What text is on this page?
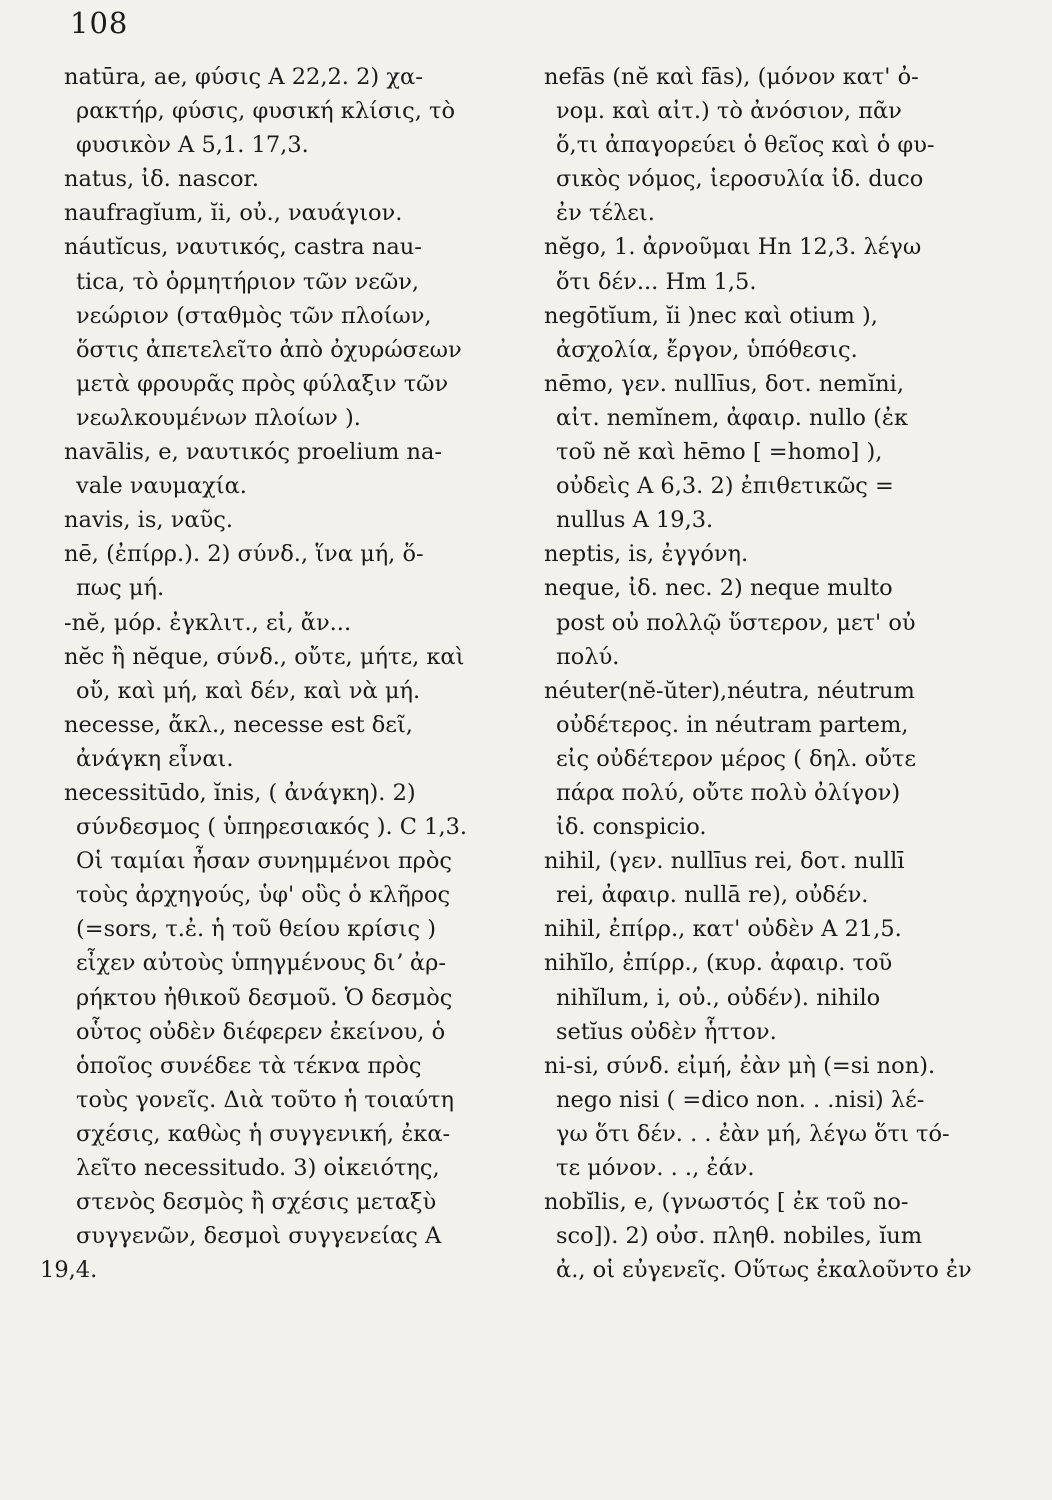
108
natūra, ae, φύσις Α 22,2. 2) χα-
ρακτήρ, φύσις, φυσική κλίσις, τὸ
φυσικὸν Α 5,1. 17,3.
natus, ἰδ. nascor.
naufragĭum, ĭi, οὐ., ναυάγιον.
náutĭcus, ναυτικός, castra nau-
tica, τὸ ὁρμητήριον τῶν νεῶν,
νεώριον (σταθμὸς τῶν πλοίων,
ὅστις ἀπετελεῖτο ἀπὸ ὀχυρώσεων
μετὰ φρουρᾶς πρὸς φύλαξιν τῶν
νεωλκουμένων πλοίων ).
navālis, e, ναυτικός proelium na-
vale ναυμαχία.
navis, is, ναῦς.
nē, (ἐπίρρ.). 2) σύνδ., ἵνα μή, ὅ-
πως μή.
-nĕ, μόρ. ἐγκλιτ., εἰ, ἄν...
nĕc ἢ nĕque, σύνδ., οὔτε, μήτε, καὶ
οὔ, καὶ μή, καὶ δέν, καὶ νὰ μή.
necesse, ἄκλ., necesse est δεῖ,
ἀνάγκη εἶναι.
necessitūdo, ĭnis, ( ἀνάγκη). 2)
σύνδεσμος ( ὑπηρεσιακός ). C 1,3.
Οἱ ταμίαι ἦσαν συνημμένοι πρὸς
τοὺς ἀρχηγούς, ὑφ' οὓς ὁ κλῆρος
(=sors, τ.ἐ. ἡ τοῦ θείου κρίσις )
εἶχεν αὐτοὺς ὑπηγμένους διʼ ἀρ-
ρήκτου ἠθικοῦ δεσμοῦ. Ὁ δεσμὸς
οὗτος οὐδὲν διέφερεν ἐκείνου, ὁ
ὁποῖος συνέδεε τὰ τέκνα πρὸς
τοὺς γονεῖς. Διὰ τοῦτο ἡ τοιαύτη
σχέσις, καθὼς ἡ συγγενική, ἐκα-
λεῖτο necessitudo. 3) οἰκειότης,
στενὸς δεσμὸς ἢ σχέσις μεταξὺ
συγγενῶν, δεσμοὶ συγγενείας Α
19,4.
nefās (nĕ καὶ fās), (μόνον κατ' ὀ-
νομ. καὶ αἰτ.) τὸ ἀνόσιον, πᾶν
ὅ,τι ἀπαγορεύει ὁ θεῖος καὶ ὁ φυ-
σικὸς νόμος, ἱεροσυλία ἰδ. duco
ἐν τέλει.
nĕgo, 1. ἀρνοῦμαι Hn 12,3. λέγω
ὅτι δέν... Hm 1,5.
negōtĭum, ĭi )nec καὶ otium ),
ἀσχολία, ἔργον, ὑπόθεσις.
nēmo, γεν. nullīus, δοτ. nemĭni,
αἰτ. nemĭnem, ἀφαιρ. nullo (ἐκ
τοῦ nĕ καὶ hēmo [ =homo] ),
οὐδεὶς Α 6,3. 2) ἐπιθετικῶς =
nullus Α 19,3.
neptis, is, ἐγγόνη.
neque, ἰδ. nec. 2) neque multo
post οὐ πολλῷ ὕστερον, μετ' οὐ
πολύ.
néuter(nĕ-ŭter),néutra, néutrum
οὐδέτερος. in néutram partem,
εἰς οὐδέτερον μέρος ( δηλ. οὔτε
πάρα πολύ, οὔτε πολὺ ὀλίγον)
ἰδ. conspicio.
nihil, (γεν. nullīus rei, δοτ. nullī
rei, ἀφαιρ. nullā re), οὐδέν.
nihil, ἐπίρρ., κατ' οὐδὲν Α 21,5.
nihĭlo, ἐπίρρ., (κυρ. ἀφαιρ. τοῦ
nihĭlum, i, οὐ., οὐδέν). nihilo
setĭus οὐδὲν ἧττον.
ni-si, σύνδ. εἰμή, ἐὰν μὴ (=si non).
nego nisi ( =dico non. . .nisi) λέ-
γω ὅτι δέν. . . ἐὰν μή, λέγω ὅτι τό-
τε μόνον. . ., ἐάν.
nobĭlis, e, (γνωστός [ ἐκ τοῦ no-
sco]). 2) οὐσ. πληθ. nobiles, ĭum
ἀ., οἱ εὐγενεῖς. Οὕτως ἐκαλοῦντο ἐν
